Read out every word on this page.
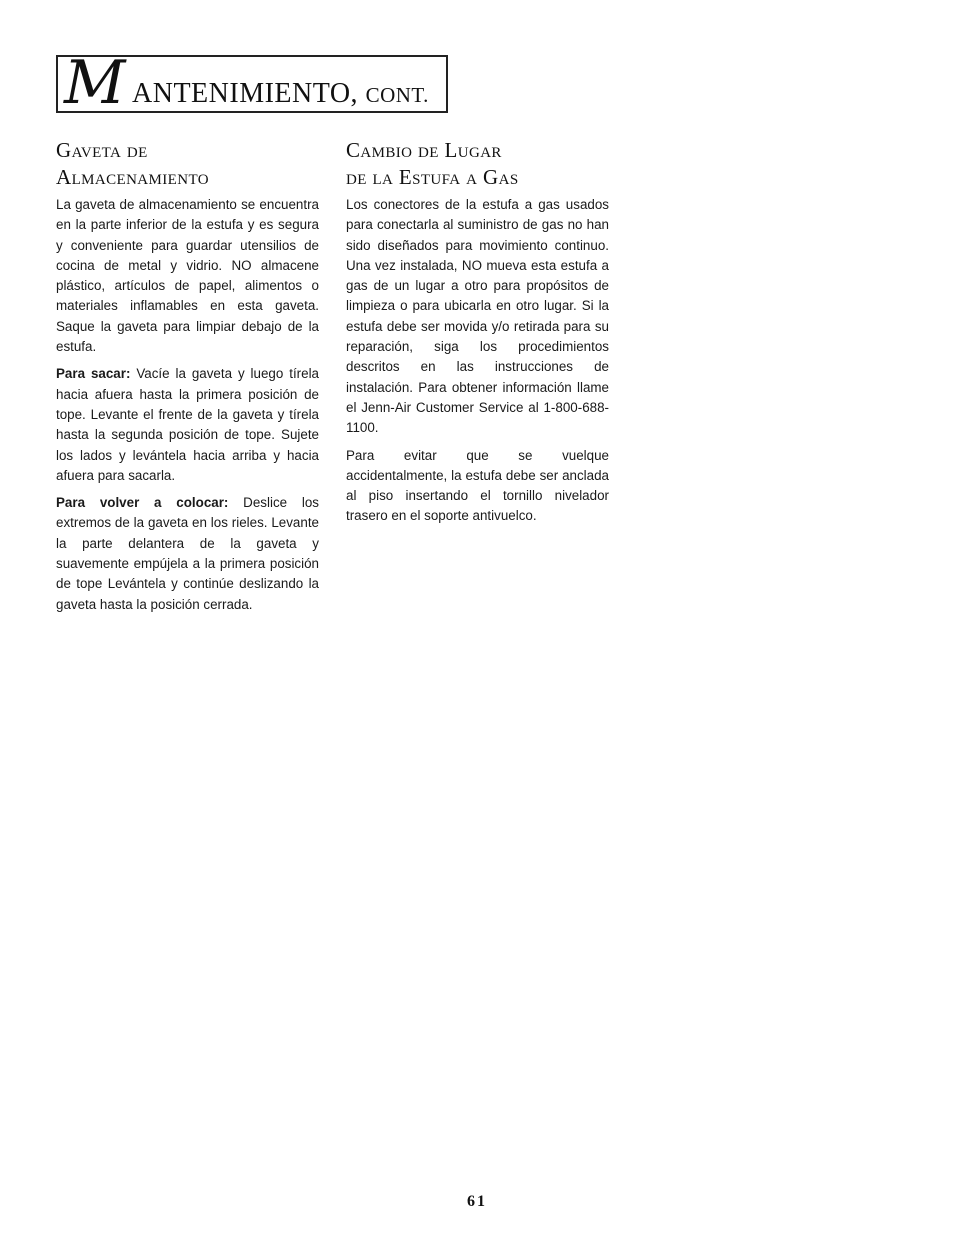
M ANTENIMIENTO, CONT.
Gaveta de
Almacenamiento

La gaveta de almacenamiento se encuentra en la parte inferior de la estufa y es segura y conveniente para guardar utensilios de cocina de metal y vidrio. NO almacene plástico, artículos de papel, alimentos o materiales inflamables en esta gaveta. Saque la gaveta para limpiar debajo de la estufa.

Para sacar: Vacíe la gaveta y luego tírela hacia afuera hasta la primera posición de tope. Levante el frente de la gaveta y tírela hasta la segunda posición de tope. Sujete los lados y levántela hacia arriba y hacia afuera para sacarla.

Para volver a colocar: Deslice los extremos de la gaveta en los rieles. Levante la parte delantera de la gaveta y suavemente empújela a la primera posición de tope Levántela y continúe deslizando la gaveta hasta la posición cerrada.

Cambio de Lugar
de la Estufa a Gas

Los conectores de la estufa a gas usados para conectarla al suministro de gas no han sido diseñados para movimiento continuo. Una vez instalada, NO mueva esta estufa a gas de un lugar a otro para propósitos de limpieza o para ubicarla en otro lugar. Si la estufa debe ser movida y/o retirada para su reparación, siga los procedimientos descritos en las instrucciones de instalación. Para obtener información llame el Jenn-Air Customer Service al 1-800-688-1100.

Para evitar que se vuelque accidentalmente, la estufa debe ser anclada al piso insertando el tornillo nivelador trasero en el soporte antivuelco.

61
